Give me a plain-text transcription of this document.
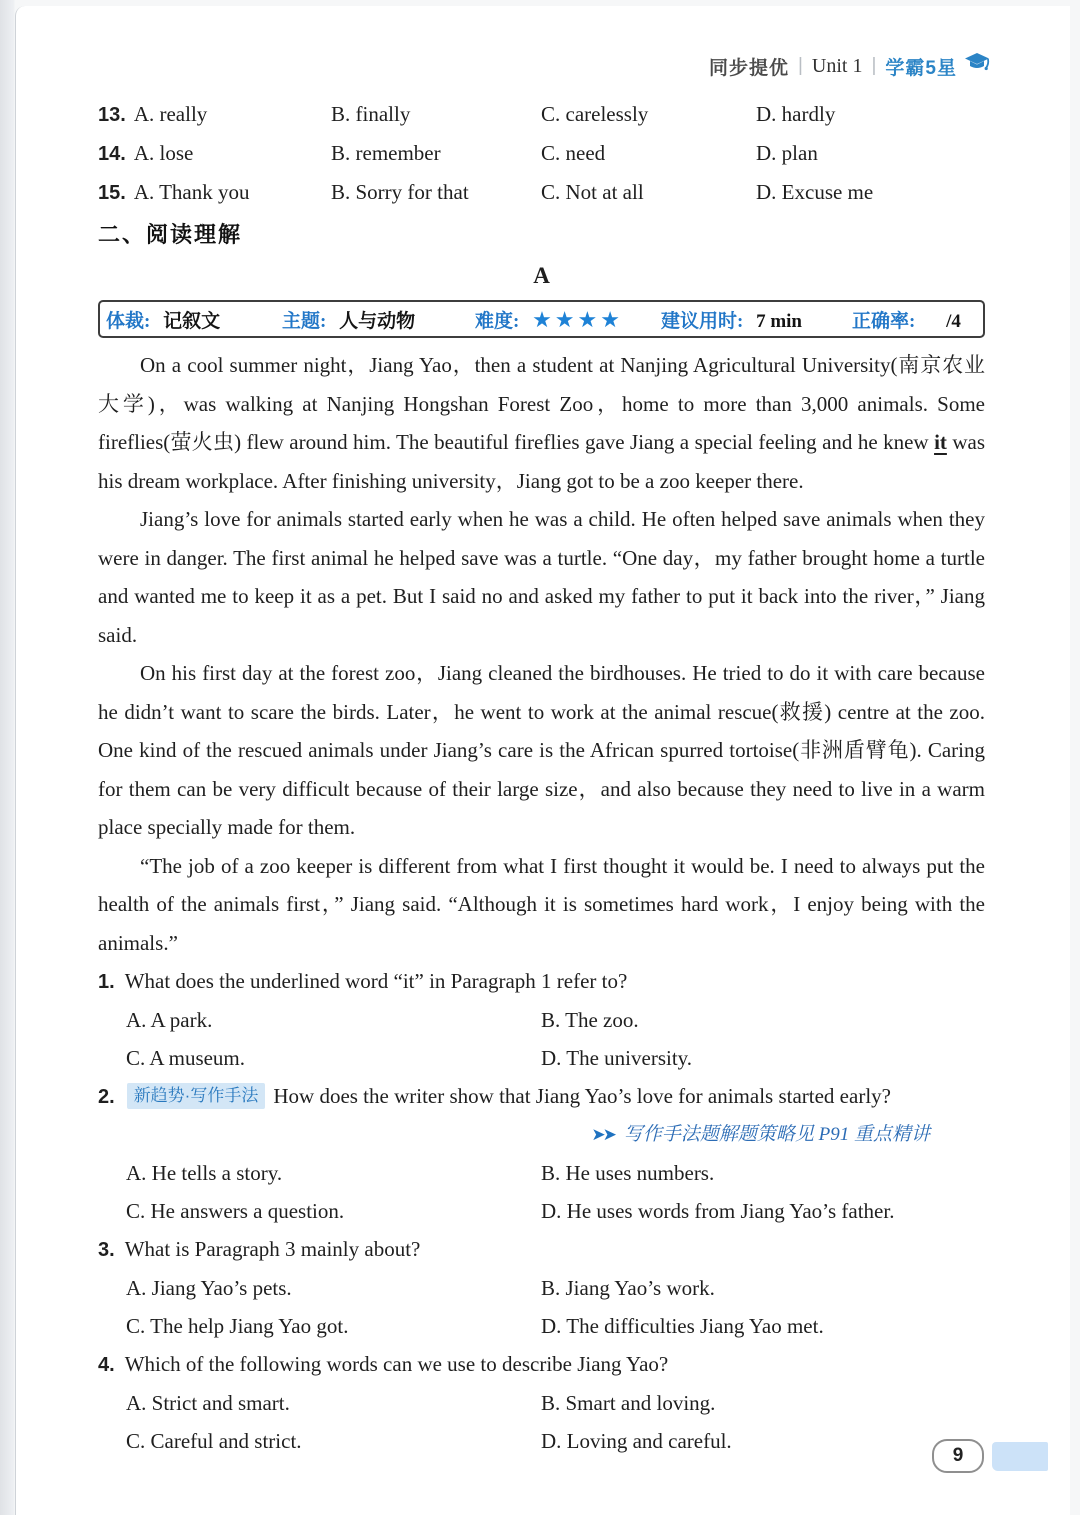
同步提优 | Unit 1 | 学霸5星
13. A. really	B. finally	C. carelessly	D. hardly
14. A. lose	B. remember	C. need	D. plan
15. A. Thank you	B. Sorry for that	C. Not at all	D. Excuse me
二、阅读理解
A
体裁: 记叙文	主题: 人与动物	难度: ★★★★	建议用时: 7 min	正确率: /4

On a cool summer night，Jiang Yao，then a student at Nanjing Agricultural University(南京农业大学)，was walking at Nanjing Hongshan Forest Zoo，home to more than 3,000 animals. Some fireflies(萤火虫) flew around him. The beautiful fireflies gave Jiang a special feeling and he knew it was his dream workplace. After finishing university，Jiang got to be a zoo keeper there.

Jiang’s love for animals started early when he was a child. He often helped save animals when they were in danger. The first animal he helped save was a turtle. “One day，my father brought home a turtle and wanted me to keep it as a pet. But I said no and asked my father to put it back into the river，” Jiang said.

On his first day at the forest zoo，Jiang cleaned the birdhouses. He tried to do it with care because he didn’t want to scare the birds. Later，he went to work at the animal rescue(救援) centre at the zoo. One kind of the rescued animals under Jiang’s care is the African spurred tortoise(非洲盾臂龟). Caring for them can be very difficult because of their large size，and also because they need to live in a warm place specially made for them.

“The job of a zoo keeper is different from what I first thought it would be. I need to always put the health of the animals first，” Jiang said. “Although it is sometimes hard work，I enjoy being with the animals.”

1. What does the underlined word “it” in Paragraph 1 refer to?
A. A park.	B. The zoo.
C. A museum.	D. The university.
2.	新趋势·写作手法 How does the writer show that Jiang Yao’s love for animals started early?
➤➤ 写作手法题解题策略见 P91 重点精讲
A. He tells a story.	B. He uses numbers.
C. He answers a question.	D. He uses words from Jiang Yao’s father.
3. What is Paragraph 3 mainly about?
A. Jiang Yao’s pets.	B. Jiang Yao’s work.
C. The help Jiang Yao got.	D. The difficulties Jiang Yao met.
4. Which of the following words can we use to describe Jiang Yao?
A. Strict and smart.	B. Smart and loving.
C. Careful and strict.	D. Loving and careful.
9
